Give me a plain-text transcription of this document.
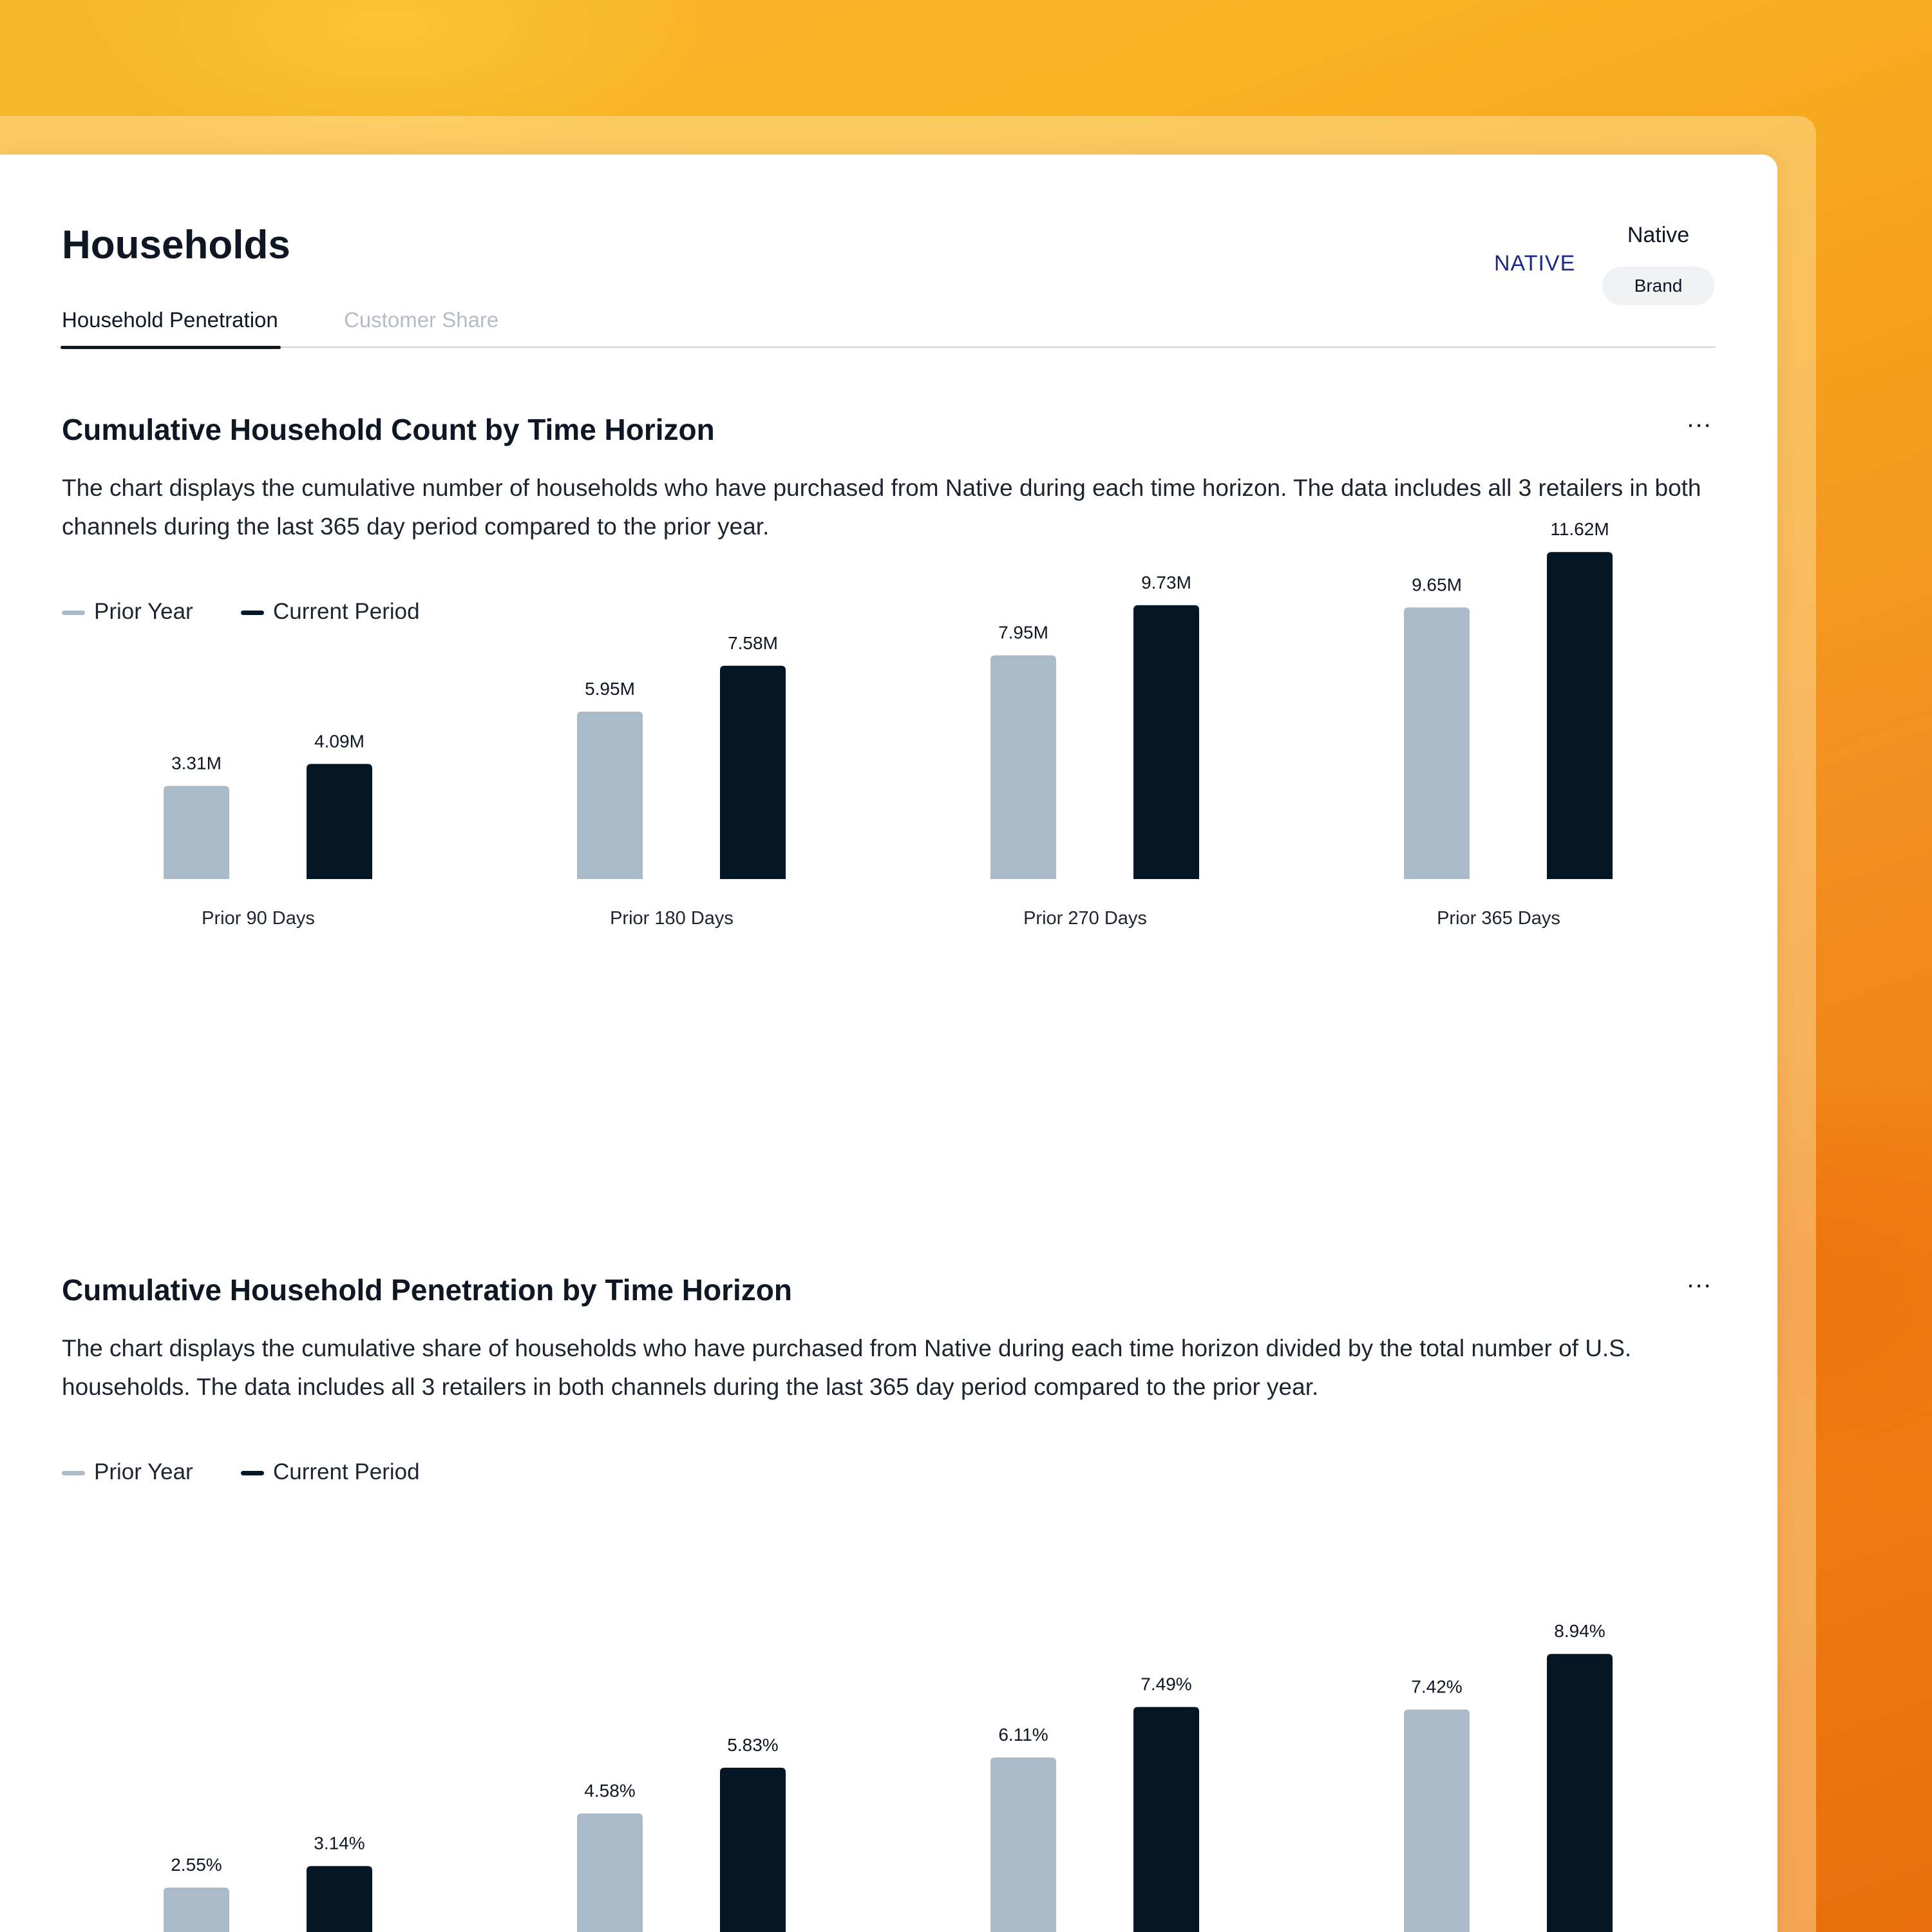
Households	NATIVE
Native
Brand
Household Penetration	Customer Share
Cumulative Household Count by Time Horizon	...

The chart displays the cumulative number of households who have purchased from Native during each time horizon. The data includes all 3 retailers in both channels during the last 365 day period compared to the prior year.

Prior Year	Current Period
3.31M
5.95M
7.95M
9.65M
4.09M
7.58M
9.73M
11.62M
Prior 90 Days	Prior 180 Days	Prior 270 Days	Prior 365 Days
Cumulative Household Penetration by Time Horizon	...

The chart displays the cumulative share of households who have purchased from Native during each time horizon divided by the total number of U.S. households. The data includes all 3 retailers in both channels during the last 365 day period compared to the prior year.

Prior Year	Current Period
2.55%
4.58%
6.11%
7.42%
3.14%
5.83%
7.49%
8.94%
